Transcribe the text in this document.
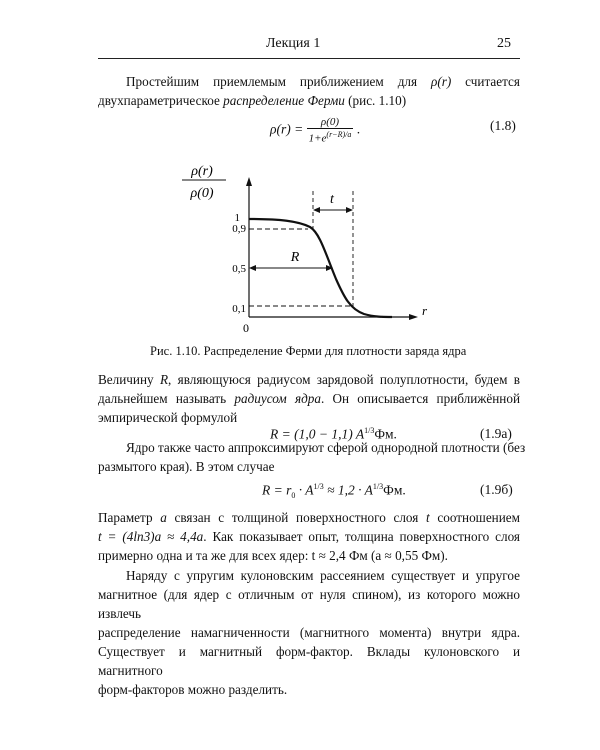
Лекция 1	25
Простейшим приемлемым приближением для ρ(r) считается
двухпараметрическое распределение Ферми (рис. 1.10)
$\rho(r) = \frac{\rho(0)}{1+e^{(r-R)/a}}$ .	(1.8)
ρ(r)
ρ(0)
r
0
1
0,9
0,5
0,1
t
R
Рис. 1.10. Распределение Ферми для плотности заряда ядра
Величину R, являющуюся радиусом зарядовой полуплотности, будем в
дальнейшем называть радиусом ядра. Он описывается приближённой
эмпирической формулой
R = (1,0 − 1,1) $A^{1/3}Фм$.	(1.9а)
Ядро также часто аппроксимируют сферой однородной плотности (без
размытого края). В этом случае
$R = r_0 \cdot A^{1/3} \approx 1,2 \cdot A^{1/3}Фм$.	(1.9б)
Параметр a связан с толщиной поверхностного слоя t соотношением
t = (4ln3)a ≈ 4,4a. Как показывает опыт, толщина поверхностного слоя
примерно одна и та же для всех ядер: t ≈ 2,4 Фм (a ≈ 0,55 Фм).
Наряду с упругим кулоновским рассеянием существует и упругое
магнитное (для ядер с отличным от нуля спином), из которого можно извлечь
распределение намагниченности (магнитного момента) внутри ядра.
Существует и магнитный форм-фактор. Вклады кулоновского и магнитного
форм-факторов можно разделить.
